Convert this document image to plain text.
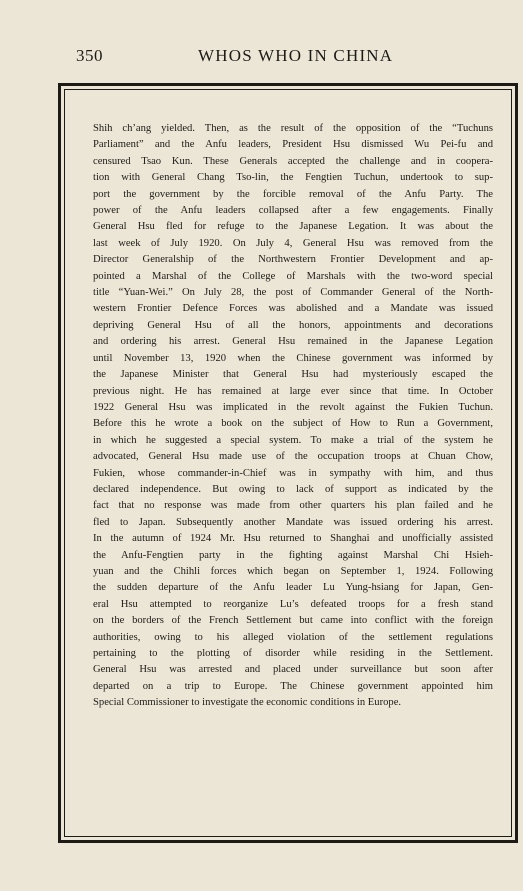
350	WHOS WHO IN CHINA
Shih ch’ang yielded. Then, as the result of the opposition of the “Tuchuns
Parliament” and the Anfu leaders, President Hsu dismissed Wu Pei-fu and
censured Tsao Kun. These Generals accepted the challenge and in coopera-
tion with General Chang Tso-lin, the Fengtien Tuchun, undertook to sup-
port the government by the forcible removal of the Anfu Party. The
power of the Anfu leaders collapsed after a few engagements. Finally
General Hsu fled for refuge to the Japanese Legation. It was about the
last week of July 1920. On July 4, General Hsu was removed from the
Director Generalship of the Northwestern Frontier Development and ap-
pointed a Marshal of the College of Marshals with the two-word special
title “Yuan-Wei.” On July 28, the post of Commander General of the North-
western Frontier Defence Forces was abolished and a Mandate was issued
depriving General Hsu of all the honors, appointments and decorations
and ordering his arrest. General Hsu remained in the Japanese Legation
until November 13, 1920 when the Chinese government was informed by
the Japanese Minister that General Hsu had mysteriously escaped the
previous night. He has remained at large ever since that time. In October
1922 General Hsu was implicated in the revolt against the Fukien Tuchun.
Before this he wrote a book on the subject of How to Run a Government,
in which he suggested a special system. To make a trial of the system he
advocated, General Hsu made use of the occupation troops at Chuan Chow,
Fukien, whose commander-in-Chief was in sympathy with him, and thus
declared independence. But owing to lack of support as indicated by the
fact that no response was made from other quarters his plan failed and he
fled to Japan. Subsequently another Mandate was issued ordering his arrest.
In the autumn of 1924 Mr. Hsu returned to Shanghai and unofficially assisted
the Anfu-Fengtien party in the fighting against Marshal Chi Hsieh-
yuan and the Chihli forces which began on September 1, 1924. Following
the sudden departure of the Anfu leader Lu Yung-hsiang for Japan, Gen-
eral Hsu attempted to reorganize Lu’s defeated troops for a fresh stand
on the borders of the French Settlement but came into conflict with the foreign
authorities, owing to his alleged violation of the settlement regulations
pertaining to the plotting of disorder while residing in the Settlement.
General Hsu was arrested and placed under surveillance but soon after
departed on a trip to Europe. The Chinese government appointed him
Special Commissioner to investigate the economic conditions in Europe.
